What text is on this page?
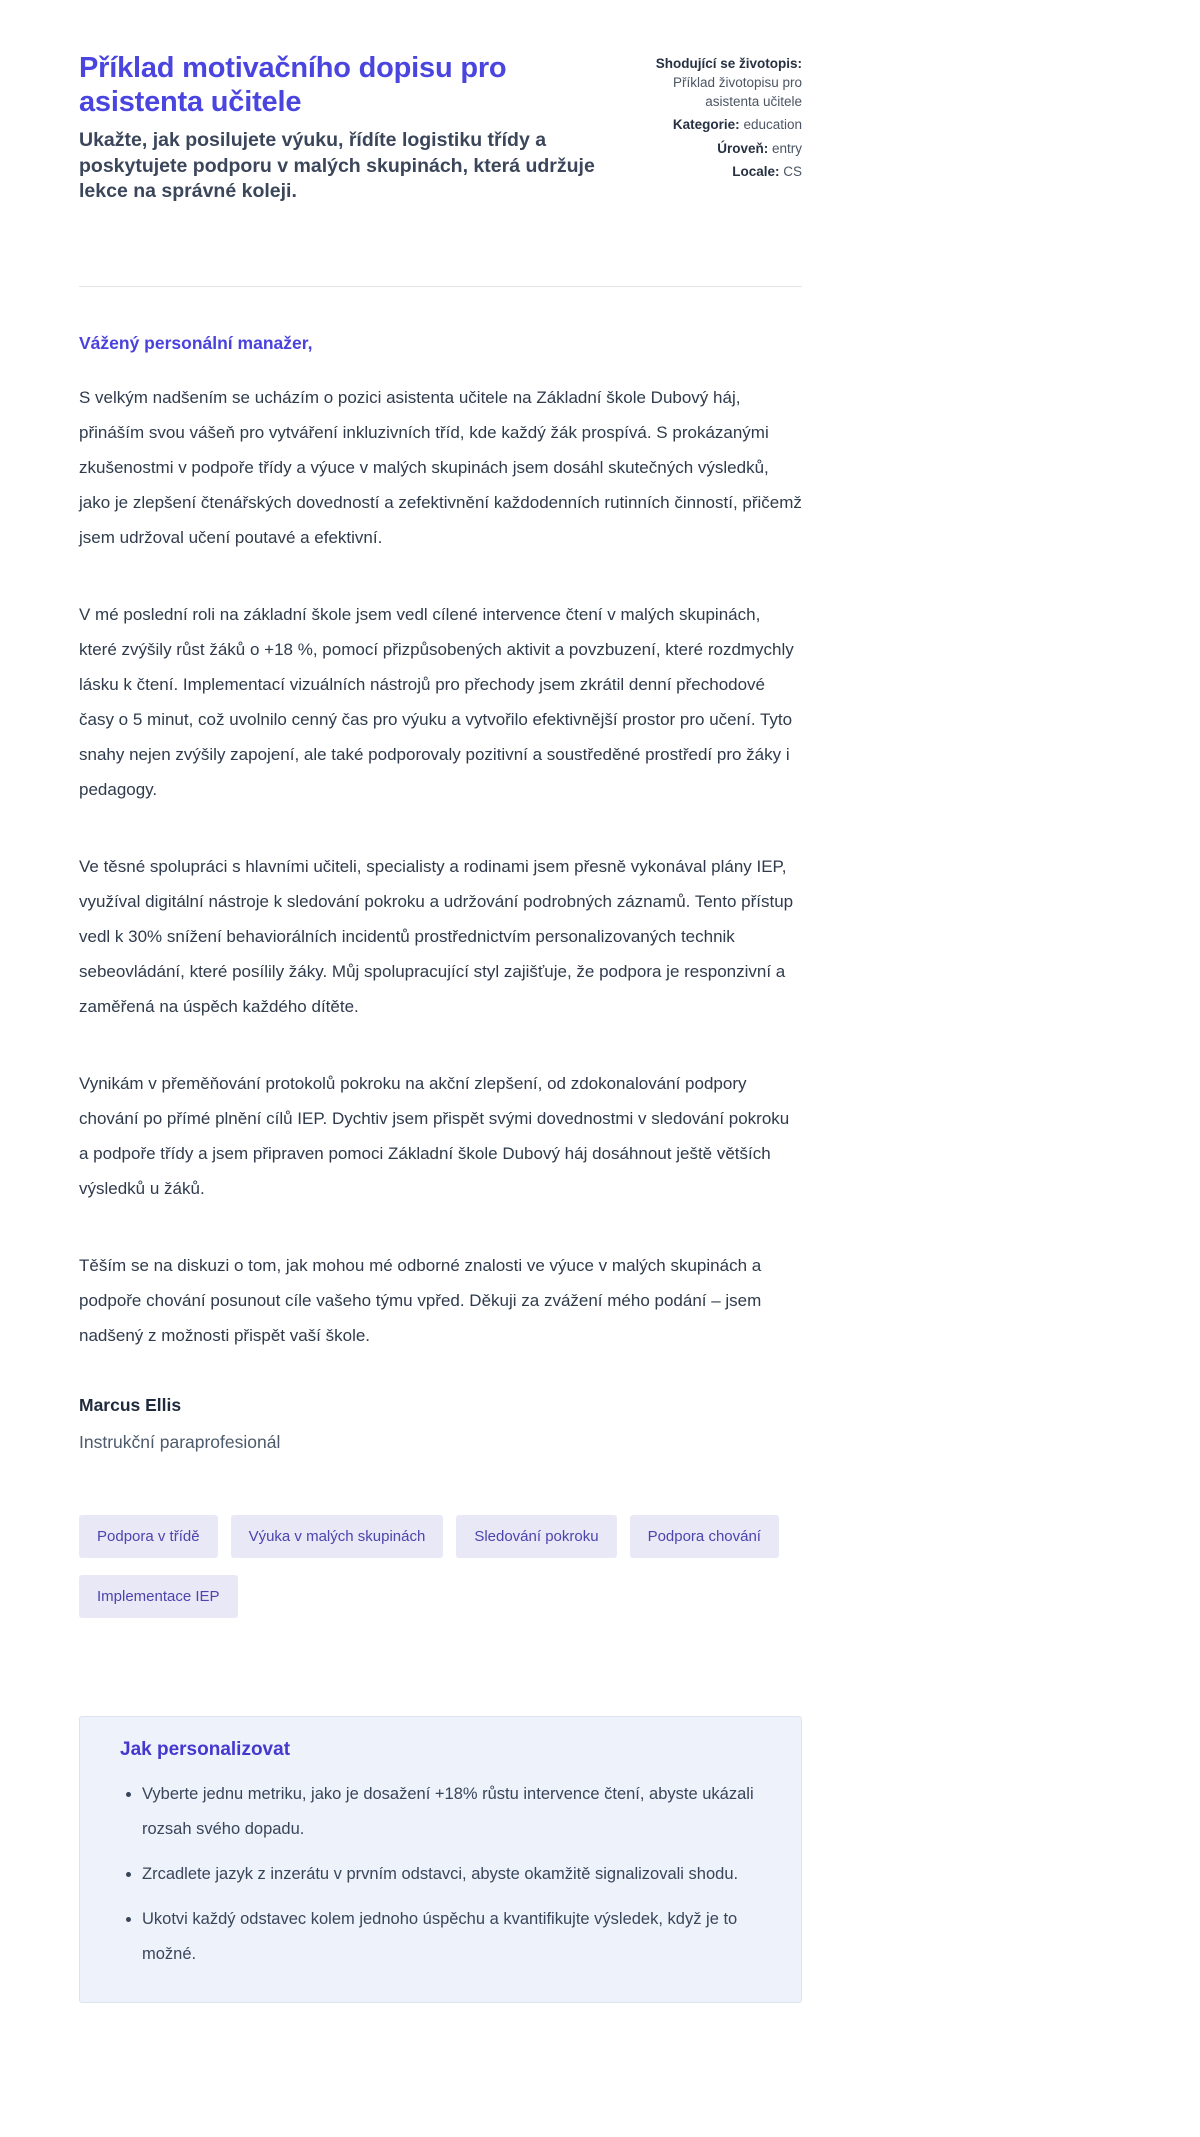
Příklad motivačního dopisu pro asistenta učitele

Ukažte, jak posilujete výuku, řídíte logistiku třídy a poskytujete podporu v malých skupinách, která udržuje lekce na správné koleji.

Shodující se životopis: Příklad životopisu pro asistenta učitele
Kategorie: education
Úroveň: entry
Locale: CS

Vážený personální manažer,

S velkým nadšením se ucházím o pozici asistenta učitele na Základní škole Dubový háj, přináším svou vášeň pro vytváření inkluzivních tříd, kde každý žák prospívá. S prokázanými zkušenostmi v podpoře třídy a výuce v malých skupinách jsem dosáhl skutečných výsledků, jako je zlepšení čtenářských dovedností a zefektivnění každodenních rutinních činností, přičemž jsem udržoval učení poutavé a efektivní.

V mé poslední roli na základní škole jsem vedl cílené intervence čtení v malých skupinách, které zvýšily růst žáků o +18 %, pomocí přizpůsobených aktivit a povzbuzení, které rozdmychly lásku k čtení. Implementací vizuálních nástrojů pro přechody jsem zkrátil denní přechodové časy o 5 minut, což uvolnilo cenný čas pro výuku a vytvořilo efektivnější prostor pro učení. Tyto snahy nejen zvýšily zapojení, ale také podporovaly pozitivní a soustředěné prostředí pro žáky i pedagogy.

Ve těsné spolupráci s hlavními učiteli, specialisty a rodinami jsem přesně vykonával plány IEP, využíval digitální nástroje k sledování pokroku a udržování podrobných záznamů. Tento přístup vedl k 30% snížení behaviorálních incidentů prostřednictvím personalizovaných technik sebeovládání, které posílily žáky. Můj spolupracující styl zajišťuje, že podpora je responzivní a zaměřená na úspěch každého dítěte.

Vynikám v přeměňování protokolů pokroku na akční zlepšení, od zdokonalování podpory chování po přímé plnění cílů IEP. Dychtiv jsem přispět svými dovednostmi v sledování pokroku a podpoře třídy a jsem připraven pomoci Základní škole Dubový háj dosáhnout ještě větších výsledků u žáků.

Těším se na diskuzi o tom, jak mohou mé odborné znalosti ve výuce v malých skupinách a podpoře chování posunout cíle vašeho týmu vpřed. Děkuji za zvážení mého podání – jsem nadšený z možnosti přispět vaší škole.

Marcus Ellis

Instrukční paraprofesionál

Podpora v třídě	Výuka v malých skupinách	Sledování pokroku	Podpora chování
Implementace IEP
Jak personalizovat
• Vyberte jednu metriku, jako je dosažení +18% růstu intervence čtení, abyste ukázali rozsah svého dopadu.
• Zrcadlete jazyk z inzerátu v prvním odstavci, abyste okamžitě signalizovali shodu.
• Ukotvi každý odstavec kolem jednoho úspěchu a kvantifikujte výsledek, když je to možné.
